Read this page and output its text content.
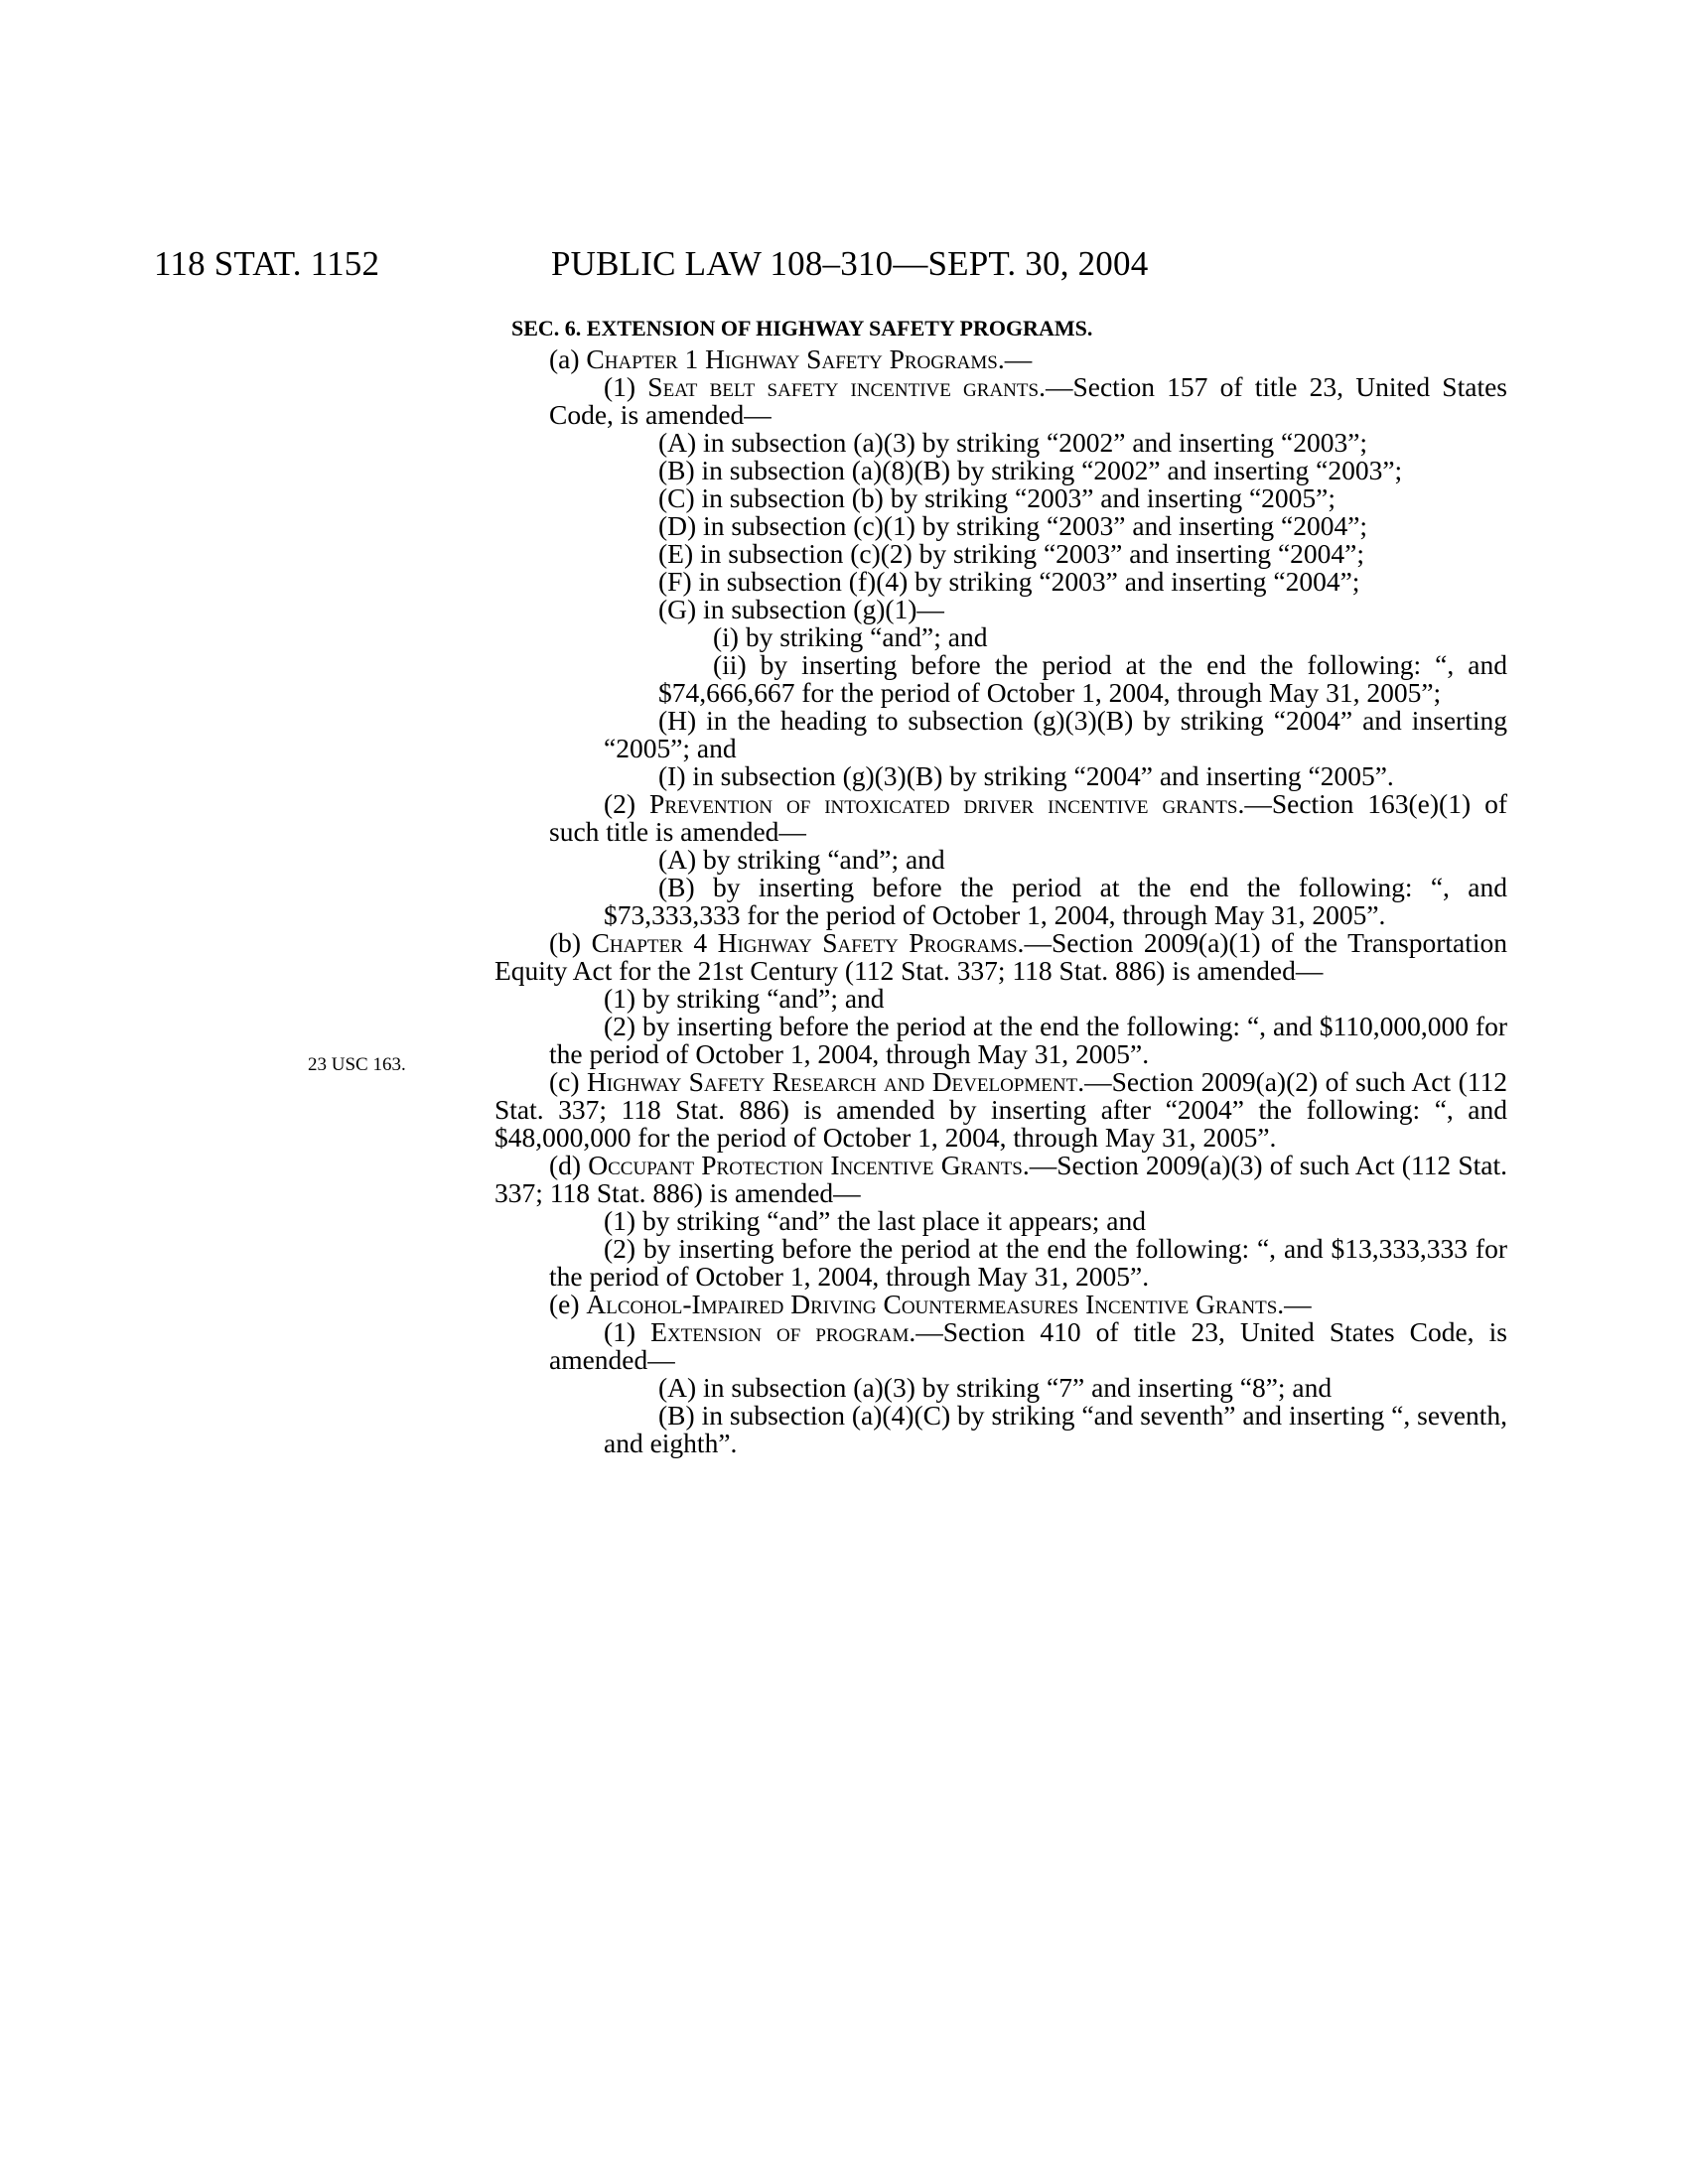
118 STAT. 1152	PUBLIC LAW 108–310—SEPT. 30, 2004
SEC. 6. EXTENSION OF HIGHWAY SAFETY PROGRAMS.
23 USC 163.
(a) Chapter 1 Highway Safety Programs.—
(1) Seat belt safety incentive grants.—Section 157 of title 23, United States Code, is amended—
(A) in subsection (a)(3) by striking “2002” and inserting “2003”;
(B) in subsection (a)(8)(B) by striking “2002” and inserting “2003”;
(C) in subsection (b) by striking “2003” and inserting “2005”;
(D) in subsection (c)(1) by striking “2003” and inserting “2004”;
(E) in subsection (c)(2) by striking “2003” and inserting “2004”;
(F) in subsection (f)(4) by striking “2003” and inserting “2004”;
(G) in subsection (g)(1)—
(i) by striking “and”; and
(ii) by inserting before the period at the end the following: “, and $74,666,667 for the period of October 1, 2004, through May 31, 2005”;
(H) in the heading to subsection (g)(3)(B) by striking “2004” and inserting “2005”; and
(I) in subsection (g)(3)(B) by striking “2004” and inserting “2005”.
(2) Prevention of intoxicated driver incentive grants.—Section 163(e)(1) of such title is amended—
(A) by striking “and”; and
(B) by inserting before the period at the end the following: “, and $73,333,333 for the period of October 1, 2004, through May 31, 2005”.
(b) Chapter 4 Highway Safety Programs.—Section 2009(a)(1) of the Transportation Equity Act for the 21st Century (112 Stat. 337; 118 Stat. 886) is amended—
(1) by striking “and”; and
(2) by inserting before the period at the end the following: “, and $110,000,000 for the period of October 1, 2004, through May 31, 2005”.
(c) Highway Safety Research and Development.—Section 2009(a)(2) of such Act (112 Stat. 337; 118 Stat. 886) is amended by inserting after “2004” the following: “, and $48,000,000 for the period of October 1, 2004, through May 31, 2005”.
(d) Occupant Protection Incentive Grants.—Section 2009(a)(3) of such Act (112 Stat. 337; 118 Stat. 886) is amended—
(1) by striking “and” the last place it appears; and
(2) by inserting before the period at the end the following: “, and $13,333,333 for the period of October 1, 2004, through May 31, 2005”.
(e) Alcohol-Impaired Driving Countermeasures Incentive Grants.—
(1) Extension of program.—Section 410 of title 23, United States Code, is amended—
(A) in subsection (a)(3) by striking “7” and inserting “8”; and
(B) in subsection (a)(4)(C) by striking “and seventh” and inserting “, seventh, and eighth”.
